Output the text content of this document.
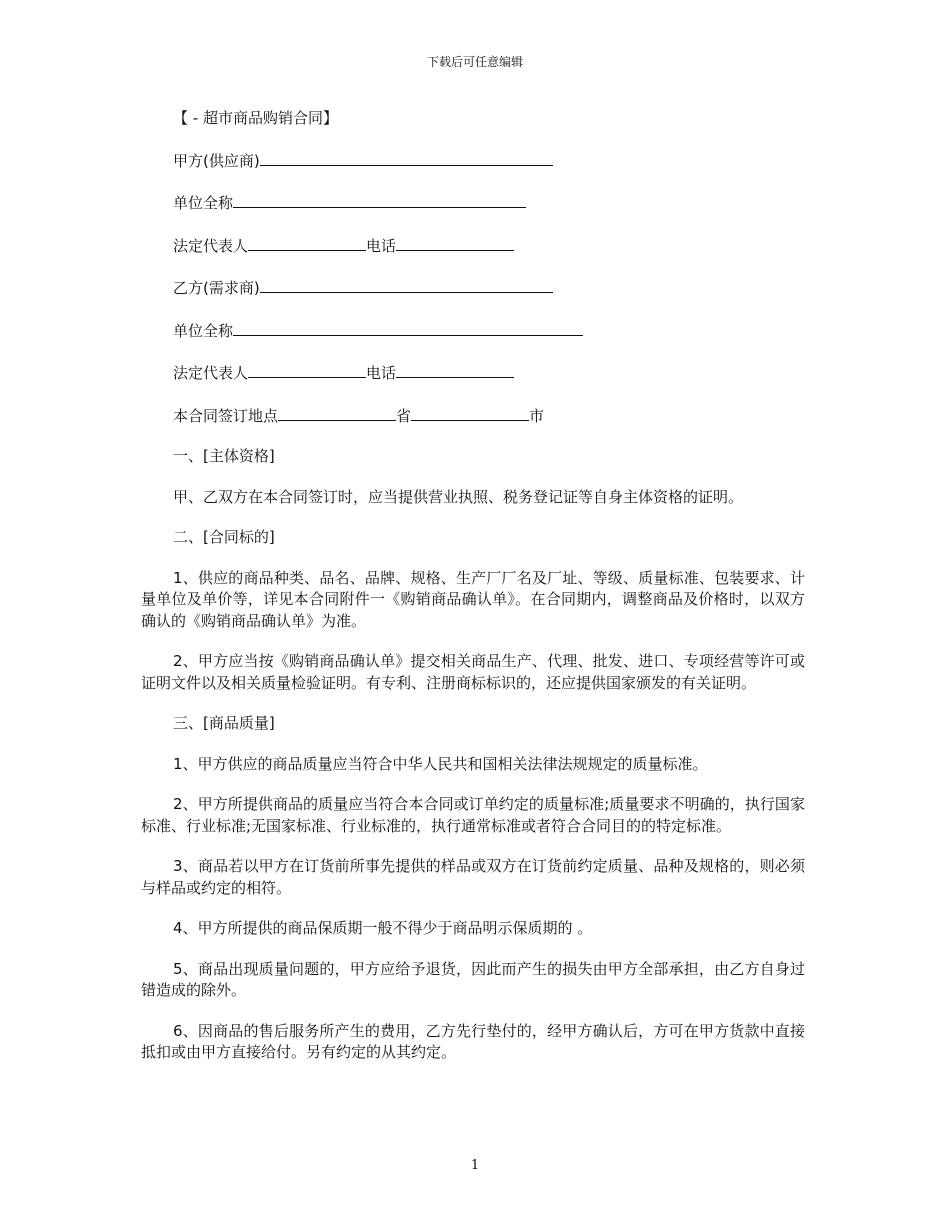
下载后可任意编辑
【 - 超市商品购销合同】
甲方(供应商)
单位全称
法定代表人	电话
乙方(需求商)
单位全称
法定代表人	电话
本合同签订地点	省	市
一、[主体资格]
甲、乙双方在本合同签订时，应当提供营业执照、税务登记证等自身主体资格的证明。
二、[合同标的]
1、供应的商品种类、品名、品牌、规格、生产厂厂名及厂址、等级、质量标准、包装要求、计量单位及单价等，详见本合同附件一《购销商品确认单》。在合同期内，调整商品及价格时，以双方确认的《购销商品确认单》为准。
2、甲方应当按《购销商品确认单》提交相关商品生产、代理、批发、进口、专项经营等许可或证明文件以及相关质量检验证明。有专利、注册商标标识的，还应提供国家颁发的有关证明。
三、[商品质量]
1、甲方供应的商品质量应当符合中华人民共和国相关法律法规规定的质量标准。
2、甲方所提供商品的质量应当符合本合同或订单约定的质量标准;质量要求不明确的，执行国家标准、行业标准;无国家标准、行业标准的，执行通常标准或者符合合同目的的特定标准。
3、商品若以甲方在订货前所事先提供的样品或双方在订货前约定质量、品种及规格的，则必须与样品或约定的相符。
4、甲方所提供的商品保质期一般不得少于商品明示保质期的 。
5、商品出现质量问题的，甲方应给予退货，因此而产生的损失由甲方全部承担，由乙方自身过错造成的除外。
6、因商品的售后服务所产生的费用，乙方先行垫付的，经甲方确认后，方可在甲方货款中直接抵扣或由甲方直接给付。另有约定的从其约定。
1
